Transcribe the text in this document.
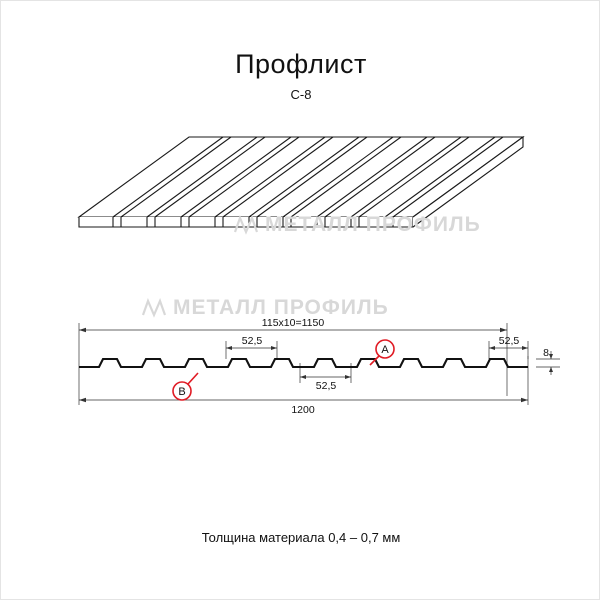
Профлист
С-8
МЕТАЛЛ ПРОФИЛЬ
МЕТАЛЛ ПРОФИЛЬ
115х10=1150
52,5	52,5
8
52,5
1200
A
B
Толщина материала 0,4 – 0,7 мм
